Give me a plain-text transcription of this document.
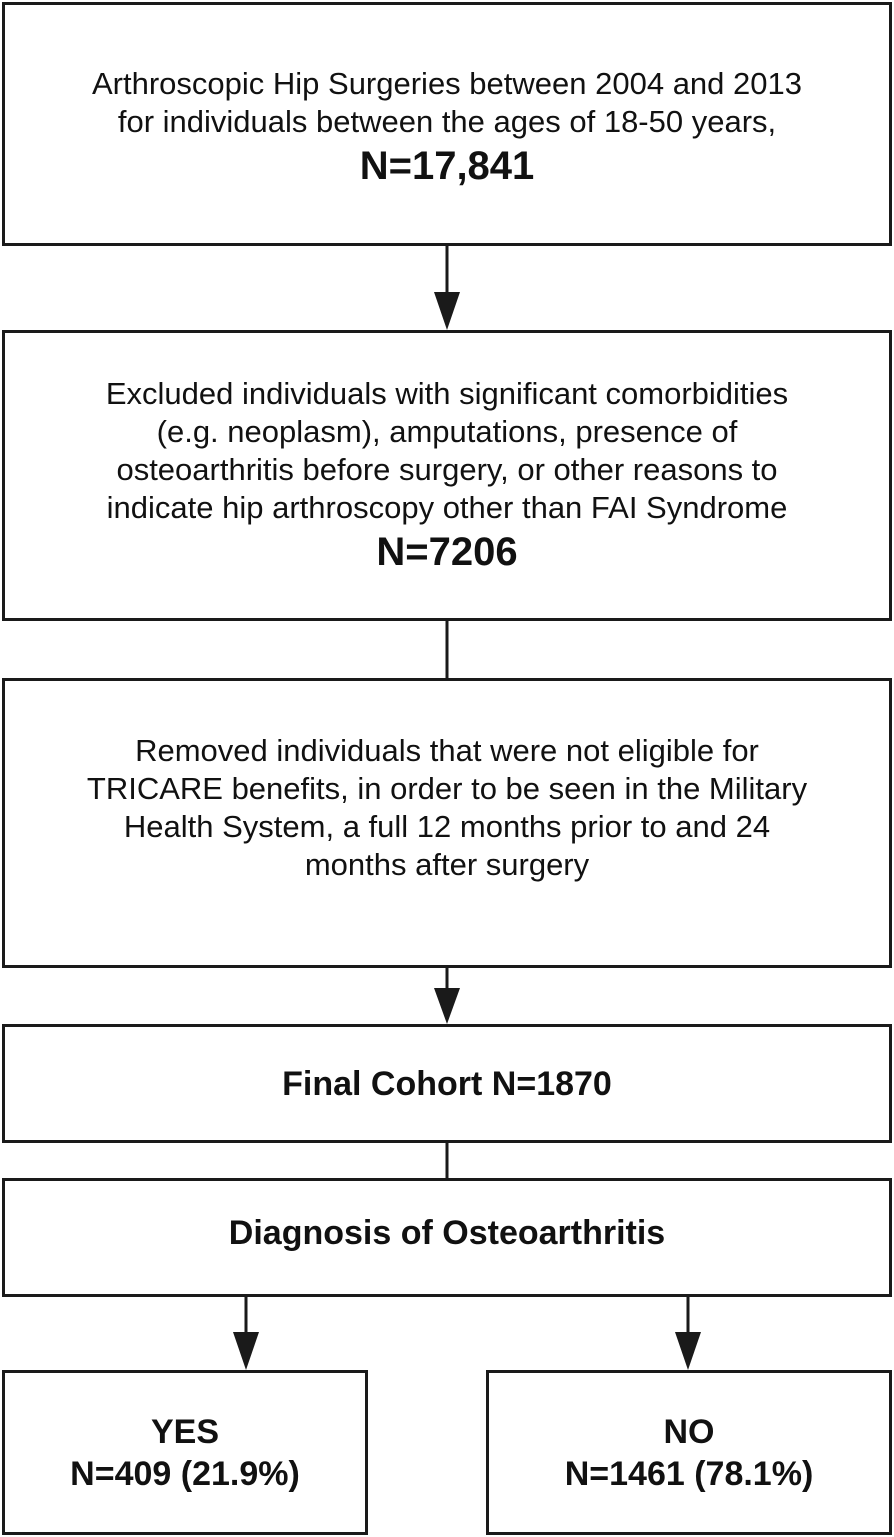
Arthroscopic Hip Surgeries between 2004 and 2013
for individuals between the ages of 18-50 years,
N=17,841
Excluded individuals with significant comorbidities
(e.g. neoplasm), amputations, presence of
osteoarthritis before surgery, or other reasons to
indicate hip arthroscopy other than FAI Syndrome
N=7206
Removed individuals that were not eligible for
TRICARE benefits, in order to be seen in the Military
Health System, a full 12 months prior to and 24
months after surgery
Final Cohort N=1870
Diagnosis of Osteoarthritis
YES
N=409 (21.9%)
NO
N=1461 (78.1%)
